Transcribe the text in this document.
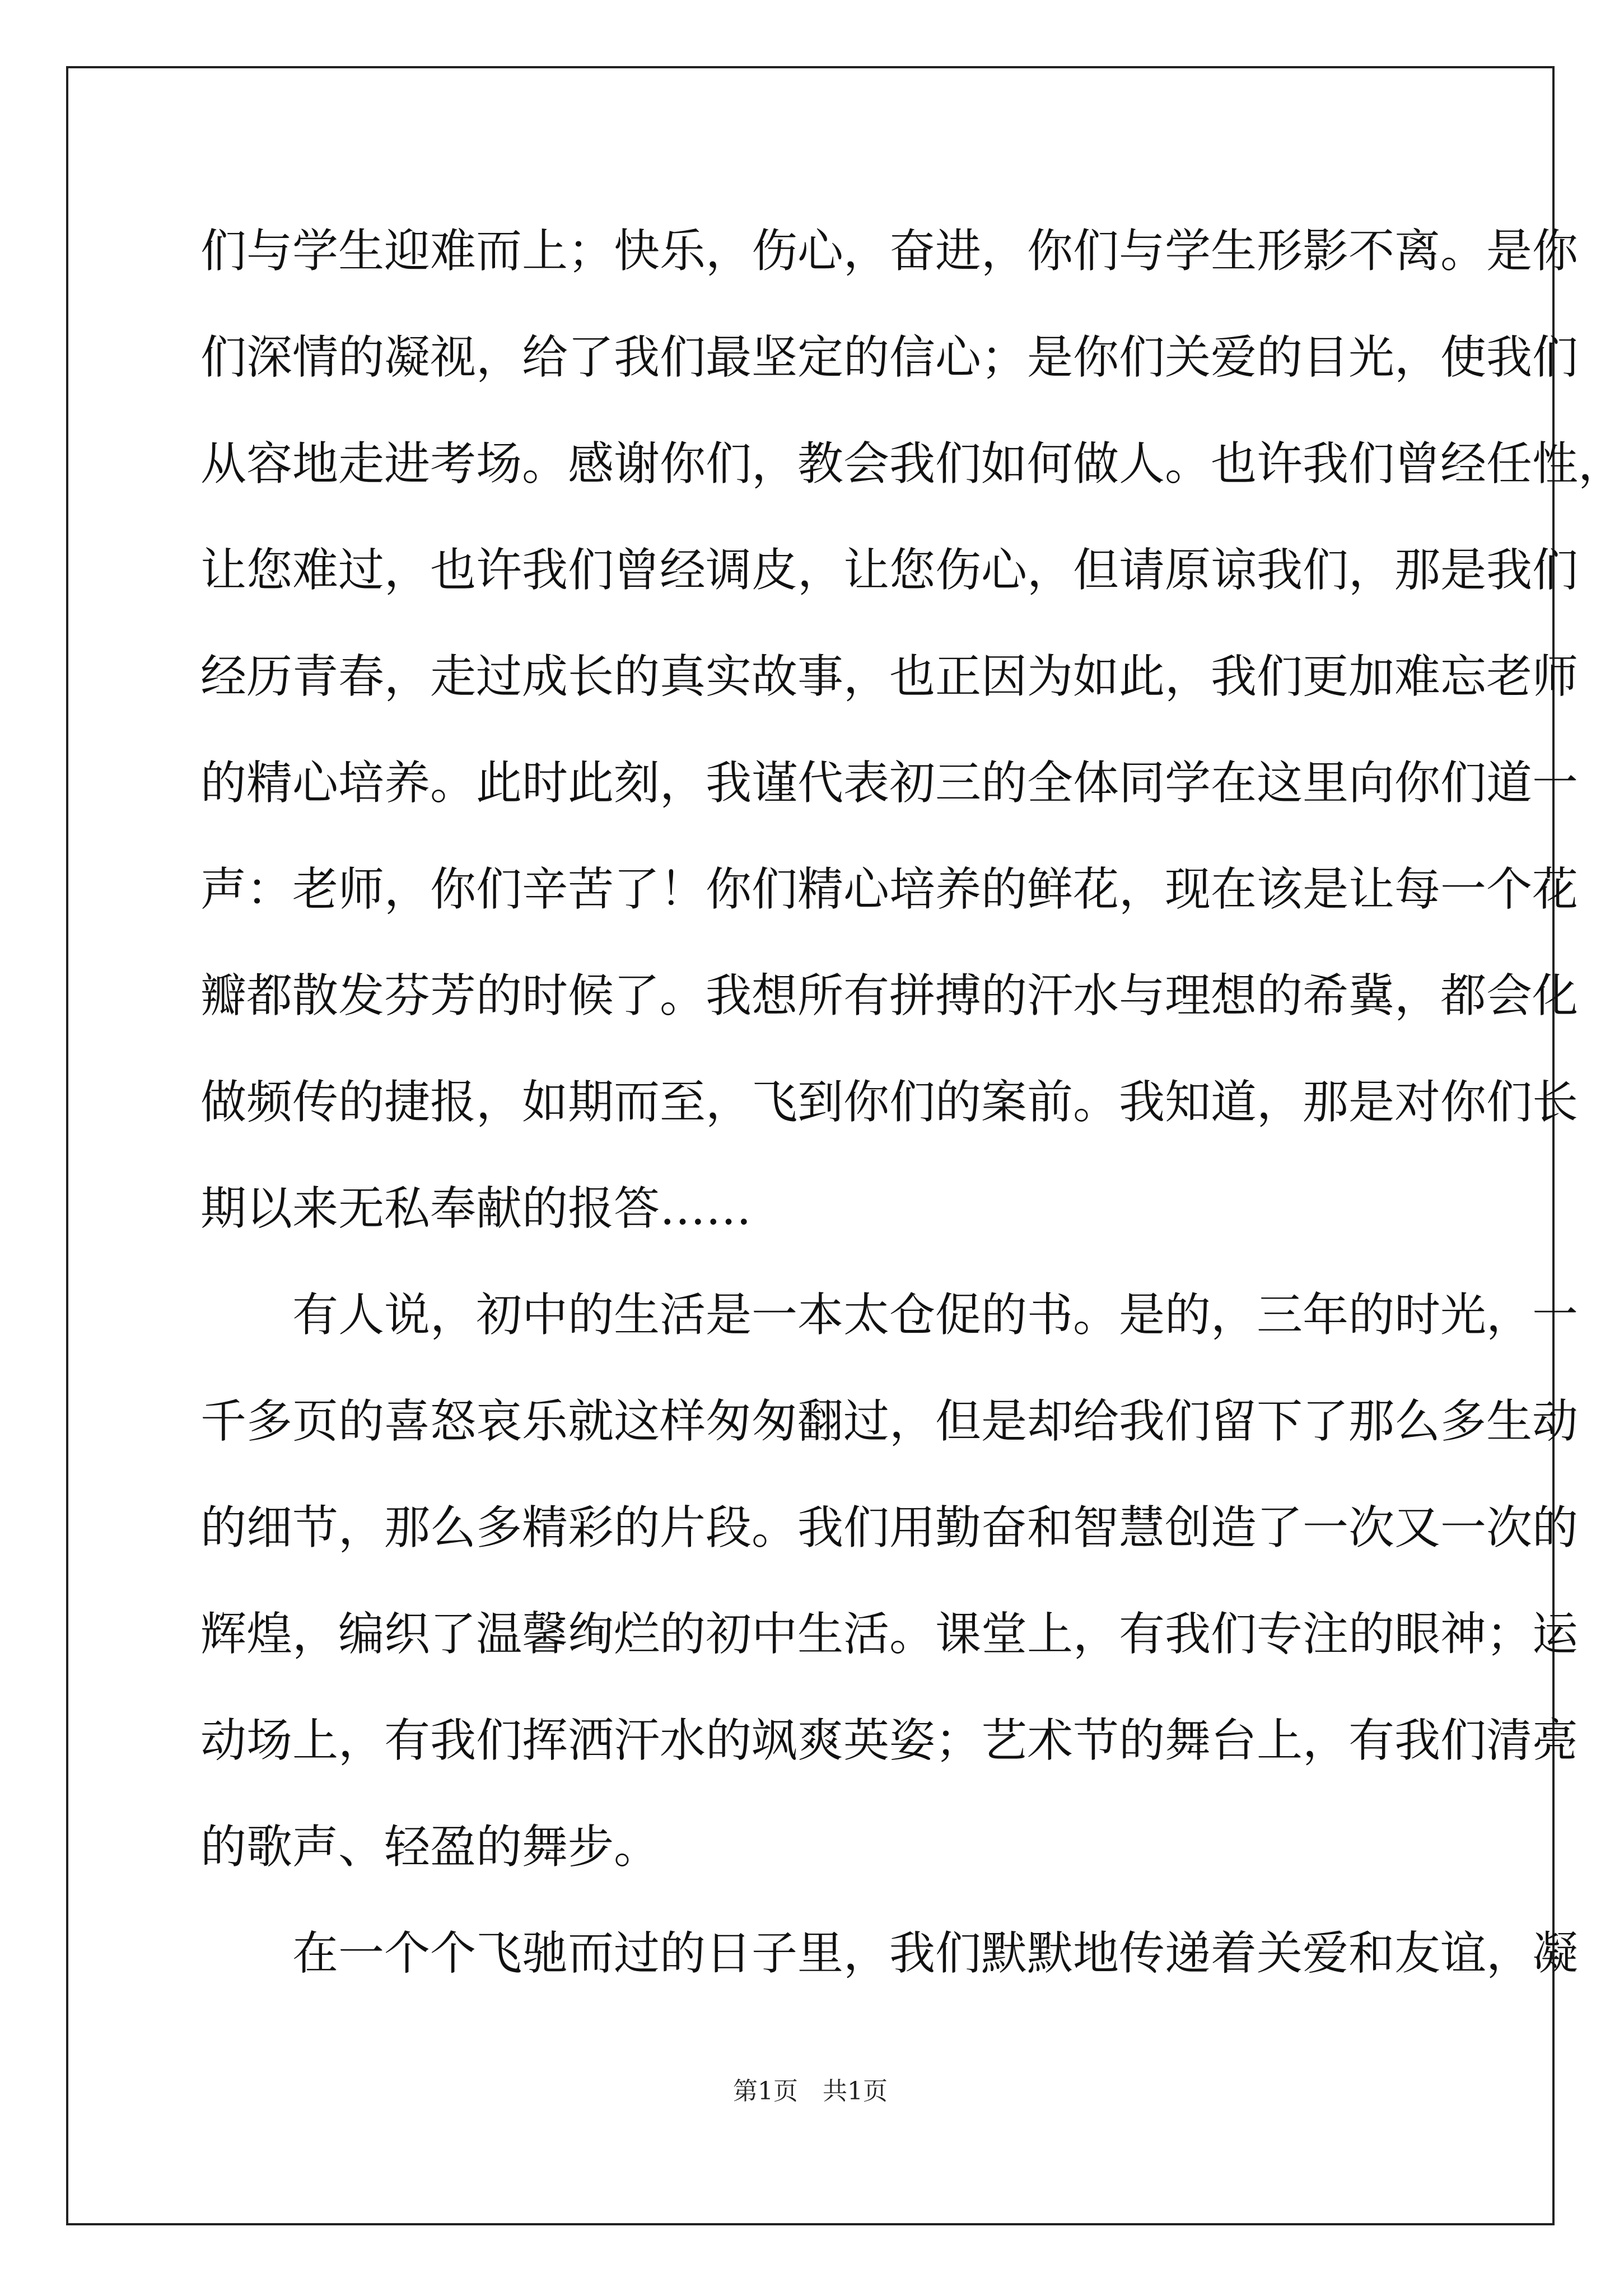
们与学生迎难而上；快乐，伤心，奋进，你们与学生形影不离。是你
们深情的凝视，给了我们最坚定的信心；是你们关爱的目光，使我们
从容地走进考场。感谢你们，教会我们如何做人。也许我们曾经任性，
让您难过，也许我们曾经调皮，让您伤心，但请原谅我们，那是我们
经历青春，走过成长的真实故事，也正因为如此，我们更加难忘老师
的精心培养。此时此刻，我谨代表初三的全体同学在这里向你们道一
声：老师，你们辛苦了！你们精心培养的鲜花，现在该是让每一个花
瓣都散发芬芳的时候了。我想所有拼搏的汗水与理想的希冀，都会化
做频传的捷报，如期而至，飞到你们的案前。我知道，那是对你们长
期以来无私奉献的报答……
　　有人说，初中的生活是一本太仓促的书。是的，三年的时光，一
千多页的喜怒哀乐就这样匆匆翻过，但是却给我们留下了那么多生动
的细节，那么多精彩的片段。我们用勤奋和智慧创造了一次又一次的
辉煌，编织了温馨绚烂的初中生活。课堂上，有我们专注的眼神；运
动场上，有我们挥洒汗水的飒爽英姿；艺术节的舞台上，有我们清亮
的歌声、轻盈的舞步。
　　在一个个飞驰而过的日子里，我们默默地传递着关爱和友谊，凝
第1页　共1页
